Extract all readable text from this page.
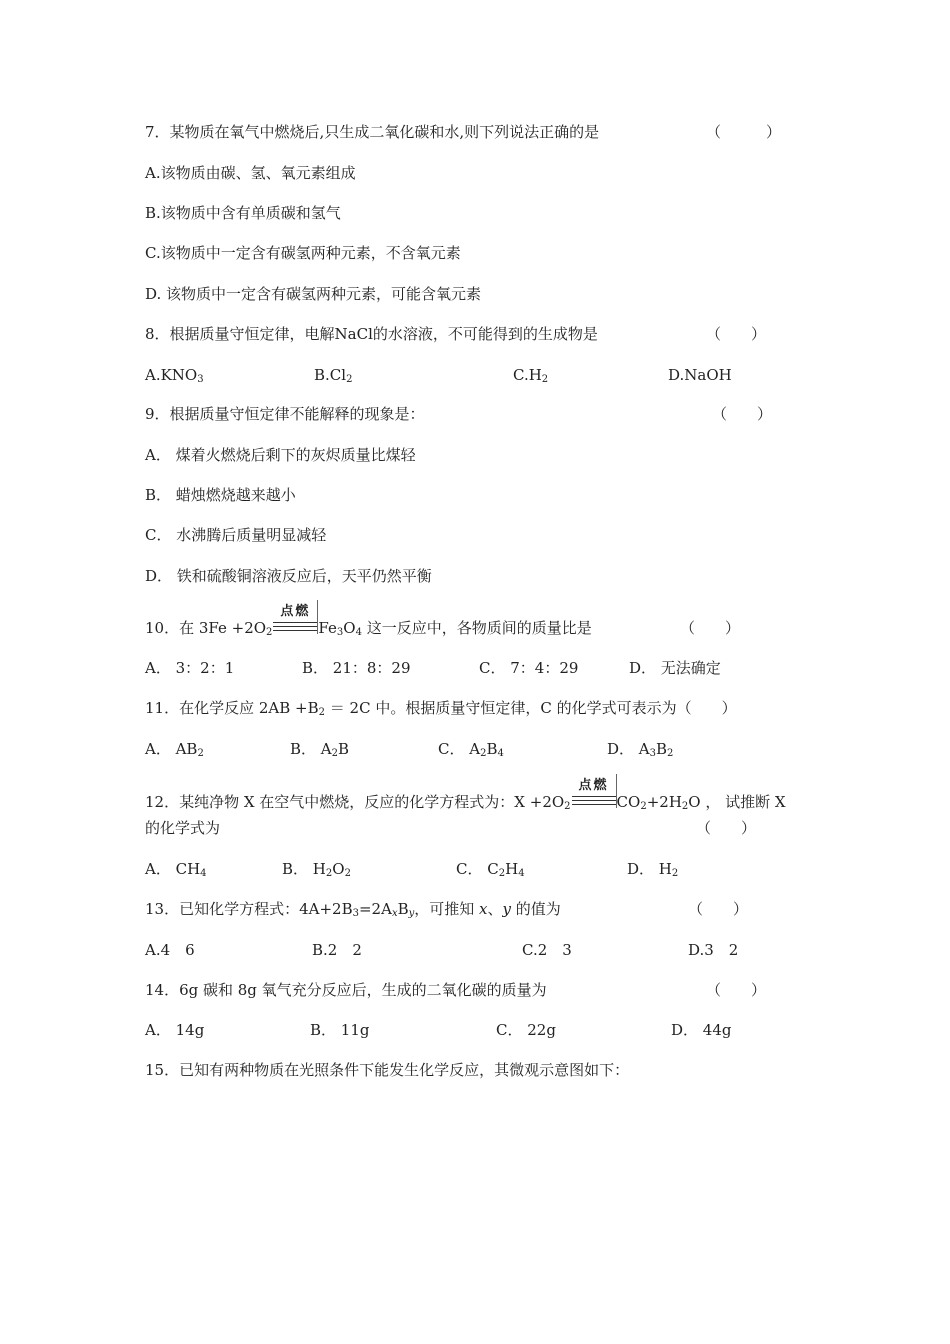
7．某物质在氧气中燃烧后,只生成二氧化碳和水,则下列说法正确的是	（　　　）
A.该物质由碳、氢、氧元素组成
B.该物质中含有单质碳和氢气
C.该物质中一定含有碳氢两种元素，不含氧元素
D. 该物质中一定含有碳氢两种元素，可能含氧元素
8．根据质量守恒定律，电解NaCl的水溶液，不可能得到的生成物是	（　　）
$A.KNO_3$	$B.Cl_2$	$C.H_2$	D.NaOH
9．根据质量守恒定律不能解释的现象是：	（　　）
A． 煤着火燃烧后剩下的灰烬质量比煤轻
B． 蜡烛燃烧越来越小
C． 水沸腾后质量明显减轻
D． 铁和硫酸铜溶液反应后，天平仍然平衡
10．在 $3Fe +2O_2$
点燃
$Fe_3O_4$ 这一反应中，各物质间的质量比是	（　　）
A． 3：2：1	B． 21：8：29	C． 7：4：29	D． 无法确定
11．在化学反应 $2AB +B_2 = 2C$ 中。根据质量守恒定律，C 的化学式可表示为（　　）
A． $AB_2$	B． $A_2B$	C． $A_2B_4$	D． $A_3B_2$
12．某纯净物 X 在空气中燃烧，反应的化学方程式为：$X +2O_2$
点燃
$CO_2+2H_2O$ ， 试推断 X
的化学式为	（　　）
A． $CH_4$	B． $H_2O_2$	C． $C_2H_4$	D． $H_2$
13．已知化学方程式：$4A+2B_3=2A_xB_y$，可推知 x、y 的值为	（　　）
A.4　6	B.2　2	C.2　3	D.3　2
14．6g 碳和 8g 氧气充分反应后，生成的二氧化碳的质量为	（　　）
A． 14g	B． 11g	C． 22g	D． 44g
15．已知有两种物质在光照条件下能发生化学反应，其微观示意图如下：
